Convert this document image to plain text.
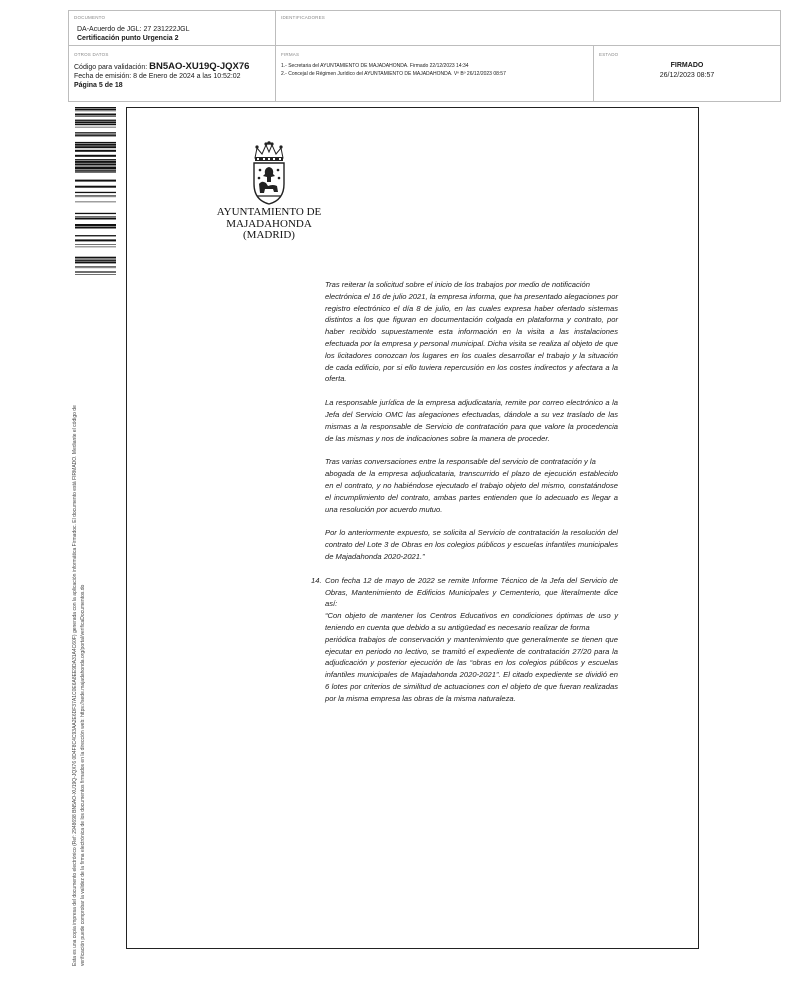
DOCUMENTO
DA-Acuerdo de JGL: 27 231222JGL
Certificación punto Urgencia 2
IDENTIFICADORES
OTROS DATOS
Código para validación: BN5AO-XU19Q-JQX76
Fecha de emisión: 8 de Enero de 2024 a las 10:52:02
Página 5 de 18
FIRMAS
1.- Secretaria del AYUNTAMIENTO DE MAJADAHONDA. Firmado 22/12/2023 14:34
2.- Concejal de Régimen Jurídico del AYUNTAMIENTO DE MAJADAHONDA. Vº Bº 26/12/2023 08:57
ESTADO
FIRMADO
26/12/2023 08:57
Esta es una copia impresa del documento electrónico (Ref: 2948698 BN5AO-XU19Q-JQX76 0D4F8C4C93AA2E6DF37A1C0E6A8EE9DA31A4C60F) generada con la aplicación informática Firmadoc. El documento está FIRMADO. Mediante el código de verificación puede comprobar la validez de la firma electrónica de los documentos firmados en la dirección web: https://sede.majadahonda.org/portal/verificaDocumentos.do
AYUNTAMIENTO DE
MAJADAHONDA
(MADRID)

Tras reiterar la solicitud sobre el inicio de los trabajos por medio de notificación
electrónica el 16 de julio 2021, la empresa informa, que ha presentado alegaciones por registro electrónico el día 8 de julio, en las cuales expresa haber ofertado sistemas distintos a los que figuran en documentación colgada en plataforma y contrato, por haber recibido supuestamente esta información en la visita a las instalaciones efectuada por la empresa y personal municipal. Dicha visita se realiza al objeto de que los licitadores conozcan los lugares en los cuales desarrollar el trabajo y la situación de cada edificio, por si ello tuviera repercusión en los costes indirectos y afectara a la oferta.

La responsable jurídica de la empresa adjudicataria, remite por correo electrónico a la Jefa del Servicio OMC las alegaciones efectuadas, dándole a su vez traslado de las mismas a la responsable de Servicio de contratación para que valore la procedencia de las mismas y nos de indicaciones sobre la manera de proceder.

Tras varias conversaciones entre la responsable del servicio de contratación y la
abogada de la empresa adjudicataria, transcurrido el plazo de ejecución establecido en el contrato, y no habiéndose ejecutado el trabajo objeto del mismo, constatándose el incumplimiento del contrato, ambas partes entienden que lo adecuado es llegar a una resolución por acuerdo mutuo.

Por lo anteriormente expuesto, se solicita al Servicio de contratación la resolución del contrato del Lote 3 de Obras en los colegios públicos y escuelas infantiles municipales de Majadahonda 2020-2021.”

14. Con fecha 12 de mayo de 2022 se remite Informe Técnico de la Jefa del Servicio de Obras, Mantenimiento de Edificios Municipales y Cementerio, que literalmente dice así:

“Con objeto de mantener los Centros Educativos en condiciones óptimas de uso y teniendo en cuenta que debido a su antigüedad es necesario realizar de forma
periódica trabajos de conservación y mantenimiento que generalmente se tienen que ejecutar en periodo no lectivo, se tramitó el expediente de contratación 27/20 para la adjudicación y posterior ejecución de las “obras en los colegios públicos y escuelas infantiles municipales de Majadahonda 2020-2021”. El citado expediente se dividió en 6 lotes por criterios de similitud de actuaciones con el objeto de que fueran realizadas por la misma empresa las obras de la misma naturaleza.
